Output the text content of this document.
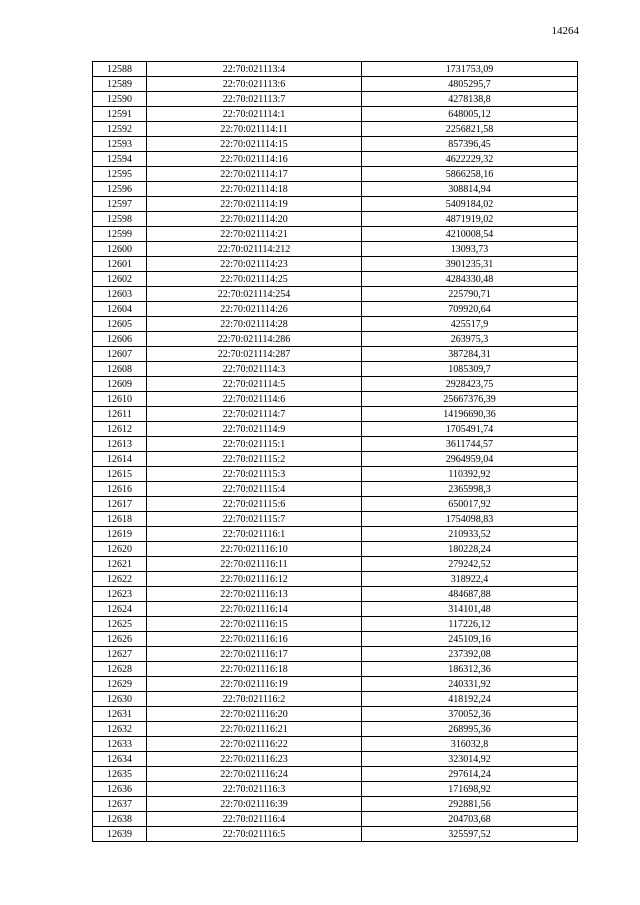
14264
12588	22:70:021113:4	1731753,09
12589	22:70:021113:6	4805295,7
12590	22:70:021113:7	4278138,8
12591	22:70:021114:1	648005,12
12592	22:70:021114:11	2256821,58
12593	22:70:021114:15	857396,45
12594	22:70:021114:16	4622229,32
12595	22:70:021114:17	5866258,16
12596	22:70:021114:18	308814,94
12597	22:70:021114:19	5409184,02
12598	22:70:021114:20	4871919,02
12599	22:70:021114:21	4210008,54
12600	22:70:021114:212	13093,73
12601	22:70:021114:23	3901235,31
12602	22:70:021114:25	4284330,48
12603	22:70:021114:254	225790,71
12604	22:70:021114:26	709920,64
12605	22:70:021114:28	425517,9
12606	22:70:021114:286	263975,3
12607	22:70:021114:287	387284,31
12608	22:70:021114:3	1085309,7
12609	22:70:021114:5	2928423,75
12610	22:70:021114:6	25667376,39
12611	22:70:021114:7	14196690,36
12612	22:70:021114:9	1705491,74
12613	22:70:021115:1	3611744,57
12614	22:70:021115:2	2964959,04
12615	22:70:021115:3	110392,92
12616	22:70:021115:4	2365998,3
12617	22:70:021115:6	650017,92
12618	22:70:021115:7	1754098,83
12619	22:70:021116:1	210933,52
12620	22:70:021116:10	180228,24
12621	22:70:021116:11	279242,52
12622	22:70:021116:12	318922,4
12623	22:70:021116:13	484687,88
12624	22:70:021116:14	314101,48
12625	22:70:021116:15	117226,12
12626	22:70:021116:16	245109,16
12627	22:70:021116:17	237392,08
12628	22:70:021116:18	186312,36
12629	22:70:021116:19	240331,92
12630	22:70:021116:2	418192,24
12631	22:70:021116:20	370052,36
12632	22:70:021116:21	268995,36
12633	22:70:021116:22	316032,8
12634	22:70:021116:23	323014,92
12635	22:70:021116:24	297614,24
12636	22:70:021116:3	171698,92
12637	22:70:021116:39	292881,56
12638	22:70:021116:4	204703,68
12639	22:70:021116:5	325597,52
